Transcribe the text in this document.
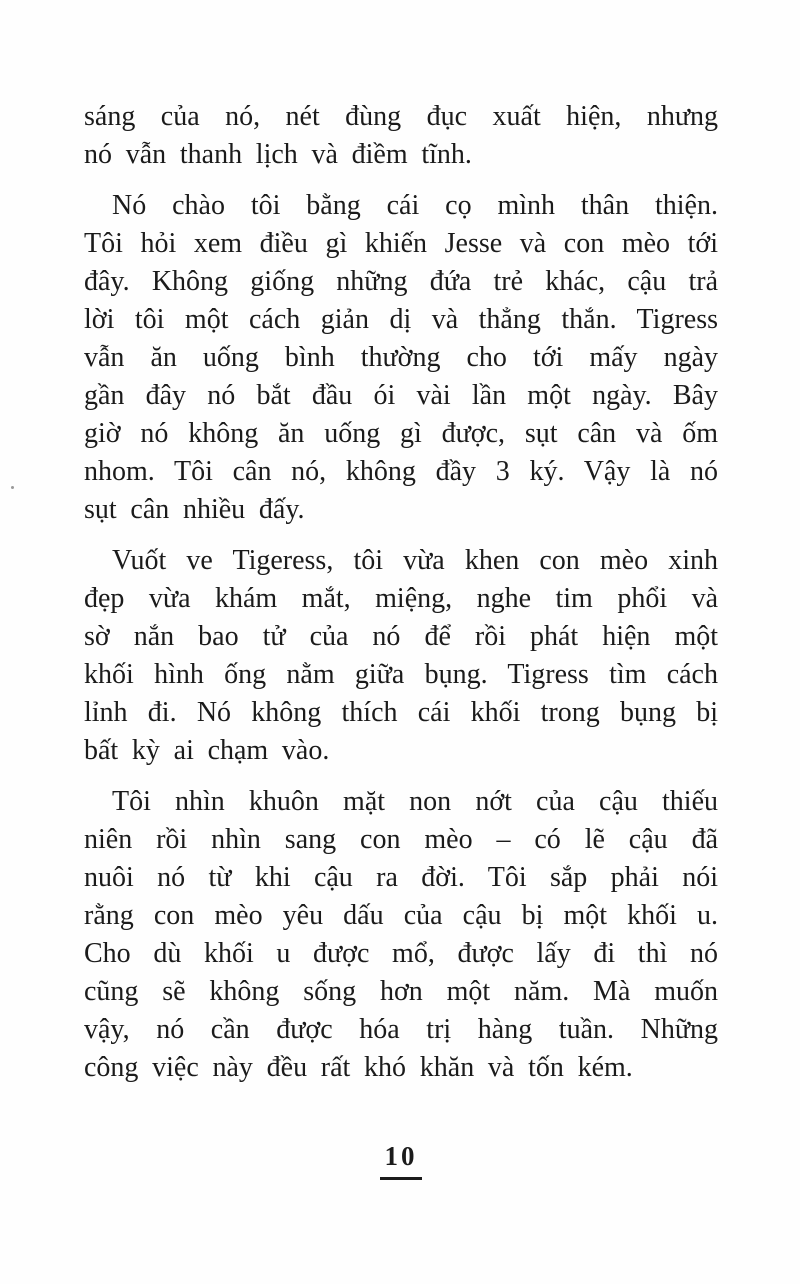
sáng của nó, nét đùng đục xuất hiện, nhưng
nó vẫn thanh lịch và điềm tĩnh.
Nó chào tôi bằng cái cọ mình thân thiện.
Tôi hỏi xem điều gì khiến Jesse và con mèo tới
đây. Không giống những đứa trẻ khác, cậu trả
lời tôi một cách giản dị và thẳng thắn. Tigress
vẫn ăn uống bình thường cho tới mấy ngày
gần đây nó bắt đầu ói vài lần một ngày. Bây
giờ nó không ăn uống gì được, sụt cân và ốm
nhom. Tôi cân nó, không đầy 3 ký. Vậy là nó
sụt cân nhiều đấy.
Vuốt ve Tigeress, tôi vừa khen con mèo xinh
đẹp vừa khám mắt, miệng, nghe tim phổi và
sờ nắn bao tử của nó để rồi phát hiện một
khối hình ống nằm giữa bụng. Tigress tìm cách
lỉnh đi. Nó không thích cái khối trong bụng bị
bất kỳ ai chạm vào.
Tôi nhìn khuôn mặt non nớt của cậu thiếu
niên rồi nhìn sang con mèo – có lẽ cậu đã
nuôi nó từ khi cậu ra đời. Tôi sắp phải nói
rằng con mèo yêu dấu của cậu bị một khối u.
Cho dù khối u được mổ, được lấy đi thì nó
cũng sẽ không sống hơn một năm. Mà muốn
vậy, nó cần được hóa trị hàng tuần. Những
công việc này đều rất khó khăn và tốn kém.
10
